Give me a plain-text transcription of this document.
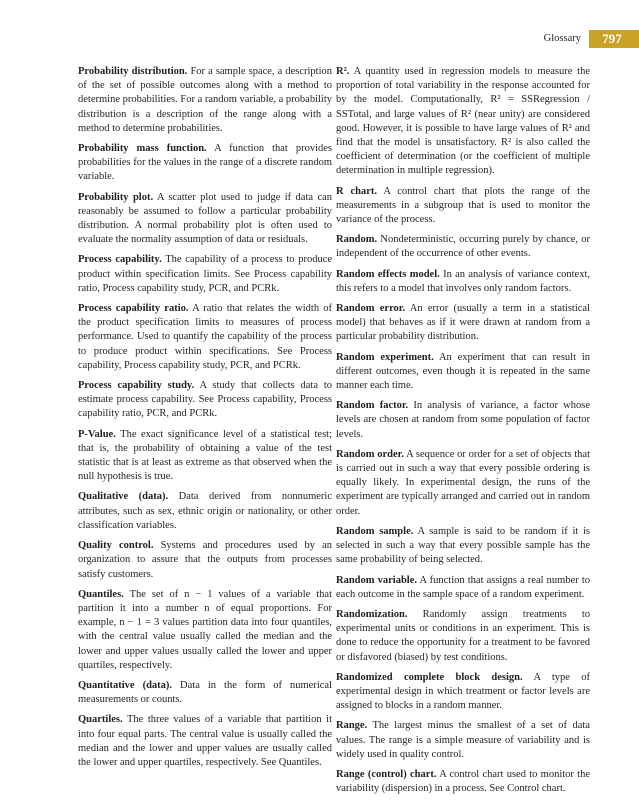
Glossary	797

Probability distribution. For a sample space, a description of the set of possible outcomes along with a method to determine probabilities. For a random variable, a probability distribution is a description of the range along with a method to determine probabilities.

Probability mass function. A function that provides probabilities for the values in the range of a discrete random variable.

Probability plot. A scatter plot used to judge if data can reasonably be assumed to follow a particular probability distribution. A normal probability plot is often used to evaluate the normality assumption of data or residuals.

Process capability. The capability of a process to produce product within specification limits. See Process capability ratio, Process capability study, PCR, and PCRk.

Process capability ratio. A ratio that relates the width of the product specification limits to measures of process performance. Used to quantify the capability of the process to produce product within specifications. See Process capability, Process capability study, PCR, and PCRk.

Process capability study. A study that collects data to estimate process capability. See Process capability, Process capability ratio, PCR, and PCRk.

P-Value. The exact significance level of a statistical test; that is, the probability of obtaining a value of the test statistic that is at least as extreme as that observed when the null hypothesis is true.

Qualitative (data). Data derived from nonnumeric attributes, such as sex, ethnic origin or nationality, or other classification variables.

Quality control. Systems and procedures used by an organization to assure that the outputs from processes satisfy customers.

Quantiles. The set of n − 1 values of a variable that partition it into a number n of equal proportions. For example, n − 1 = 3 values partition data into four quantiles, with the central value usually called the median and the lower and upper values usually called the lower and upper quartiles, respectively.

Quantitative (data). Data in the form of numerical measurements or counts.

Quartiles. The three values of a variable that partition it into four equal parts. The central value is usually called the median and the lower and upper values are usually called the lower and upper quartiles, respectively. See Quantiles.

R². A quantity used in regression models to measure the proportion of total variability in the response accounted for by the model. Computationally, R² = SSRegression / SSTotal, and large values of R² (near unity) are considered good. However, it is possible to have large values of R² and find that the model is unsatisfactory. R² is also called the coefficient of determination (or the coefficient of multiple determination in multiple regression).

R chart. A control chart that plots the range of the measurements in a subgroup that is used to monitor the variance of the process.

Random. Nondeterministic, occurring purely by chance, or independent of the occurrence of other events.

Random effects model. In an analysis of variance context, this refers to a model that involves only random factors.

Random error. An error (usually a term in a statistical model) that behaves as if it were drawn at random from a particular probability distribution.

Random experiment. An experiment that can result in different outcomes, even though it is repeated in the same manner each time.

Random factor. In analysis of variance, a factor whose levels are chosen at random from some population of factor levels.

Random order. A sequence or order for a set of objects that is carried out in such a way that every possible ordering is equally likely. In experimental design, the runs of the experiment are typically arranged and carried out in random order.

Random sample. A sample is said to be random if it is selected in such a way that every possible sample has the same probability of being selected.

Random variable. A function that assigns a real number to each outcome in the sample space of a random experiment.

Randomization. Randomly assign treatments to experimental units or conditions in an experiment. This is done to reduce the opportunity for a treatment to be favored or disfavored (biased) by test conditions.

Randomized complete block design. A type of experimental design in which treatment or factor levels are assigned to blocks in a random manner.

Range. The largest minus the smallest of a set of data values. The range is a simple measure of variability and is widely used in quality control.

Range (control) chart. A control chart used to monitor the variability (dispersion) in a process. See Control chart.
